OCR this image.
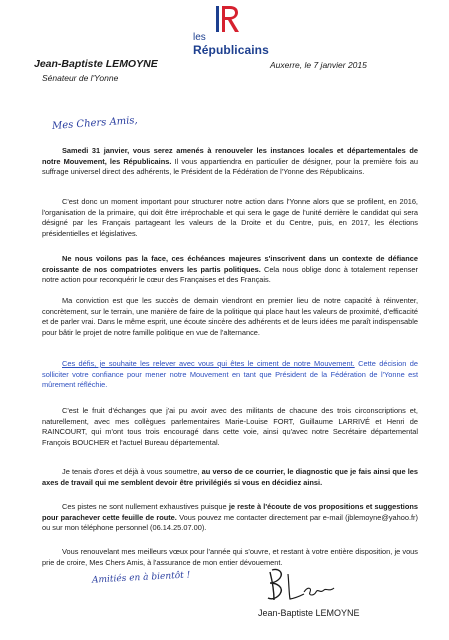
les
Républicains
Jean-Baptiste LEMOYNE
Sénateur de l'Yonne
Auxerre, le 7 janvier 2015
Mes Chers Amis,

Samedi 31 janvier, vous serez amenés à renouveler les instances locales et départementales de notre Mouvement, les Républicains. Il vous appartiendra en particulier de désigner, pour la première fois au suffrage universel direct des adhérents, le Président de la Fédération de l'Yonne des Républicains.

C'est donc un moment important pour structurer notre action dans l'Yonne alors que se profilent, en 2016, l'organisation de la primaire, qui doit être irréprochable et qui sera le gage de l'unité derrière le candidat qui sera désigné par les Français partageant les valeurs de la Droite et du Centre, puis, en 2017, les élections présidentielles et législatives.

Ne nous voilons pas la face, ces échéances majeures s'inscrivent dans un contexte de défiance croissante de nos compatriotes envers les partis politiques. Cela nous oblige donc à totalement repenser notre action pour reconquérir le cœur des Françaises et des Français.

Ma conviction est que les succès de demain viendront en premier lieu de notre capacité à réinventer, concrètement, sur le terrain, une manière de faire de la politique qui place haut les valeurs de proximité, d'efficacité et de parler vrai. Dans le même esprit, une écoute sincère des adhérents et de leurs idées me paraît indispensable pour bâtir le projet de notre famille politique en vue de l'alternance.

Ces défis, je souhaite les relever avec vous qui êtes le ciment de notre Mouvement. Cette décision de solliciter votre confiance pour mener notre Mouvement en tant que Président de la Fédération de l'Yonne est mûrement réfléchie.

C'est le fruit d'échanges que j'ai pu avoir avec des militants de chacune des trois circonscriptions et, naturellement, avec mes collègues parlementaires Marie-Louise FORT, Guillaume LARRIVÉ et Henri de RAINCOURT, qui m'ont tous trois encouragé dans cette voie, ainsi qu'avec notre Secrétaire départemental François BOUCHER et l'actuel Bureau départemental.

Je tenais d'ores et déjà à vous soumettre, au verso de ce courrier, le diagnostic que je fais ainsi que les axes de travail qui me semblent devoir être privilégiés si vous en décidiez ainsi.

Ces pistes ne sont nullement exhaustives puisque je reste à l'écoute de vos propositions et suggestions pour parachever cette feuille de route. Vous pouvez me contacter directement par e-mail (jblemoyne@yahoo.fr) ou sur mon téléphone personnel (06.14.25.07.00).

Vous renouvelant mes meilleurs vœux pour l'année qui s'ouvre, et restant à votre entière disposition, je vous prie de croire, Mes Chers Amis, à l'assurance de mon entier dévouement.

Amitiés en à bientôt !
Jean-Baptiste LEMOYNE
